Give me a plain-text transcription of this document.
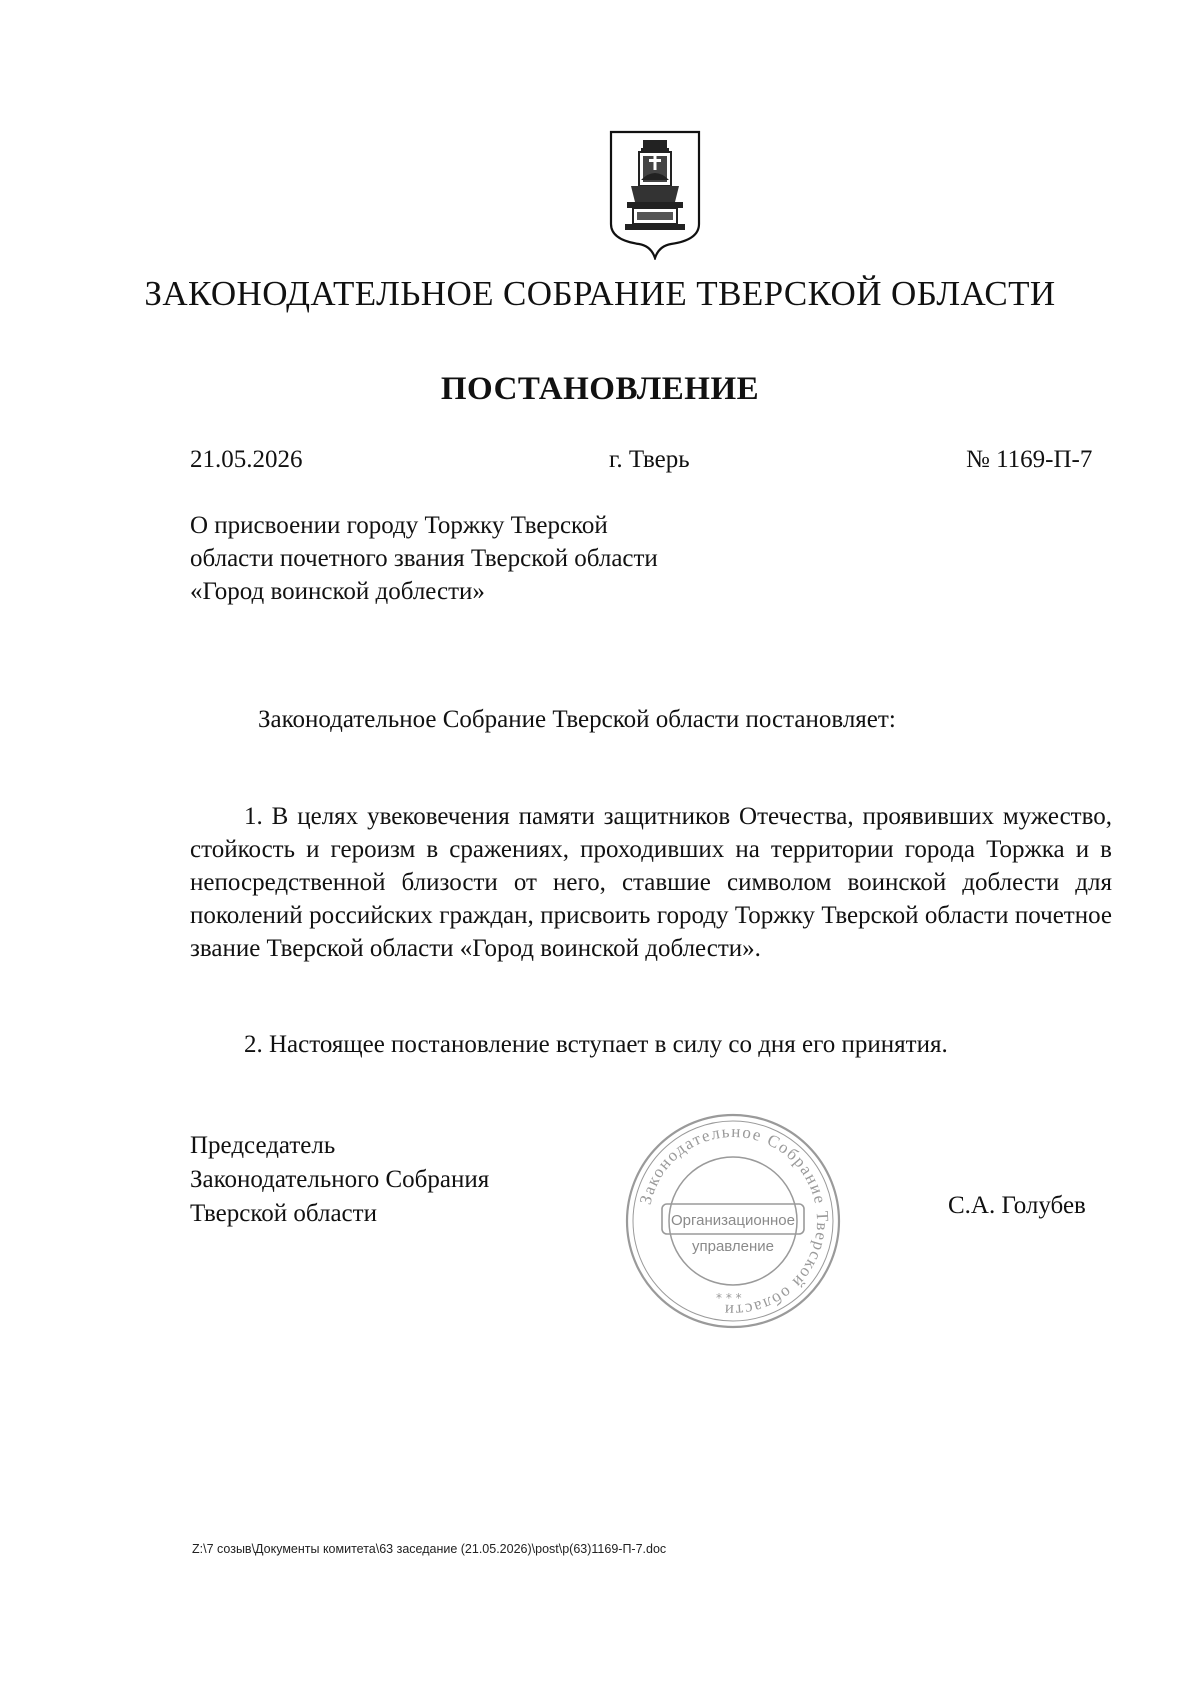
ЗАКОНОДАТЕЛЬНОЕ СОБРАНИЕ ТВЕРСКОЙ ОБЛАСТИ
ПОСТАНОВЛЕНИЕ
21.05.2026	г. Тверь	№ 1169-П-7
О присвоении городу Торжку Тверской
области почетного звания Тверской области
«Город воинской доблести»
Законодательное Собрание Тверской области постановляет:
1. В целях увековечения памяти защитников Отечества, проявивших мужество, стойкость и героизм в сражениях, проходивших на территории города Торжка и в непосредственной близости от него, ставшие символом воинской доблести для поколений российских граждан, присвоить городу Торжку Тверской области почетное звание Тверской области «Город воинской доблести».
2. Настоящее постановление вступает в силу со дня его принятия.
Председатель
Законодательного Собрания
Тверской области
Законодательное Собрание Тверской области
Организационное
управление
* * *
С.А. Голубев
Z:\7 созыв\Документы комитета\63 заседание (21.05.2026)\post\p(63)1169-П-7.doc
